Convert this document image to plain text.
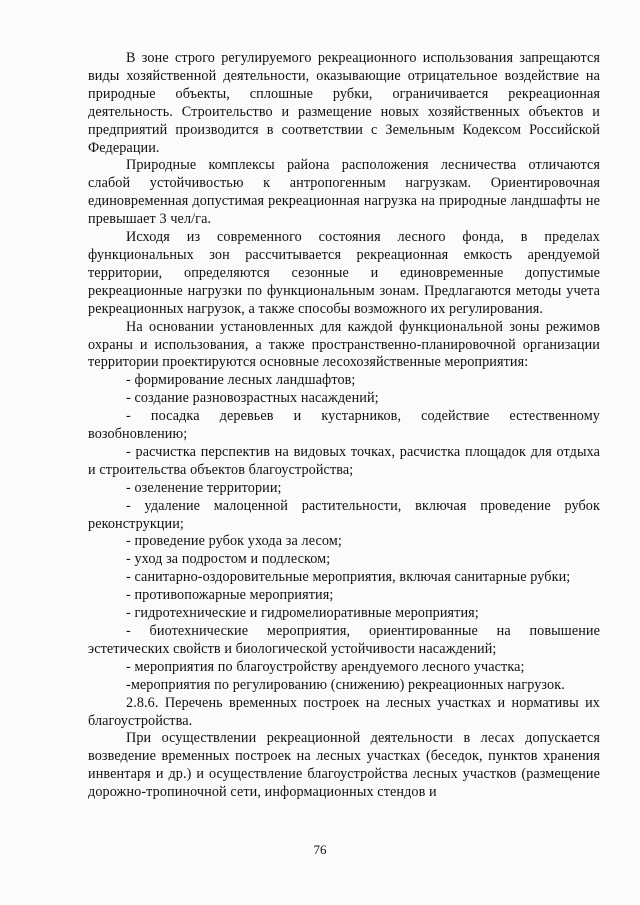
В зоне строго регулируемого рекреационного использования запрещаются виды хозяйственной деятельности, оказывающие отрицательное воздействие на природные объекты, сплошные рубки, ограничивается рекреационная деятельность. Строительство и размещение новых хозяйственных объектов и предприятий производится в соответствии с Земельным Кодексом Российской Федерации.

Природные комплексы района расположения лесничества отличаются слабой устойчивостью к антропогенным нагрузкам. Ориентировочная единовременная допустимая рекреационная нагрузка на природные ландшафты не превышает 3 чел/га.

Исходя из современного состояния лесного фонда, в пределах функциональных зон рассчитывается рекреационная емкость арендуемой территории, определяются сезонные и единовременные допустимые рекреационные нагрузки по функциональным зонам. Предлагаются методы учета рекреационных нагрузок, а также способы возможного их регулирования.

На основании установленных для каждой функциональной зоны режимов охраны и использования, а также пространственно-планировочной организации территории проектируются основные лесохозяйственные мероприятия:

- формирование лесных ландшафтов;

- создание разновозрастных насаждений;

- посадка деревьев и кустарников, содействие естественному возобновлению;

- расчистка перспектив на видовых точках, расчистка площадок для отдыха и строительства объектов благоустройства;

- озеленение территории;

- удаление малоценной растительности, включая проведение рубок реконструкции;

- проведение рубок ухода за лесом;

- уход за подростом и подлеском;

- санитарно-оздоровительные мероприятия, включая санитарные рубки;

- противопожарные мероприятия;

- гидротехнические и гидромелиоративные мероприятия;

- биотехнические мероприятия, ориентированные на повышение эстетических свойств и биологической устойчивости насаждений;

- мероприятия по благоустройству арендуемого лесного участка;

-мероприятия по регулированию (снижению) рекреационных нагрузок.

2.8.6. Перечень временных построек на лесных участках и нормативы их благоустройства.

При осуществлении рекреационной деятельности в лесах допускается возведение временных построек на лесных участках (беседок, пунктов хранения инвентаря и др.) и осуществление благоустройства лесных участков (размещение дорожно-тропиночной сети, информационных стендов и

76
